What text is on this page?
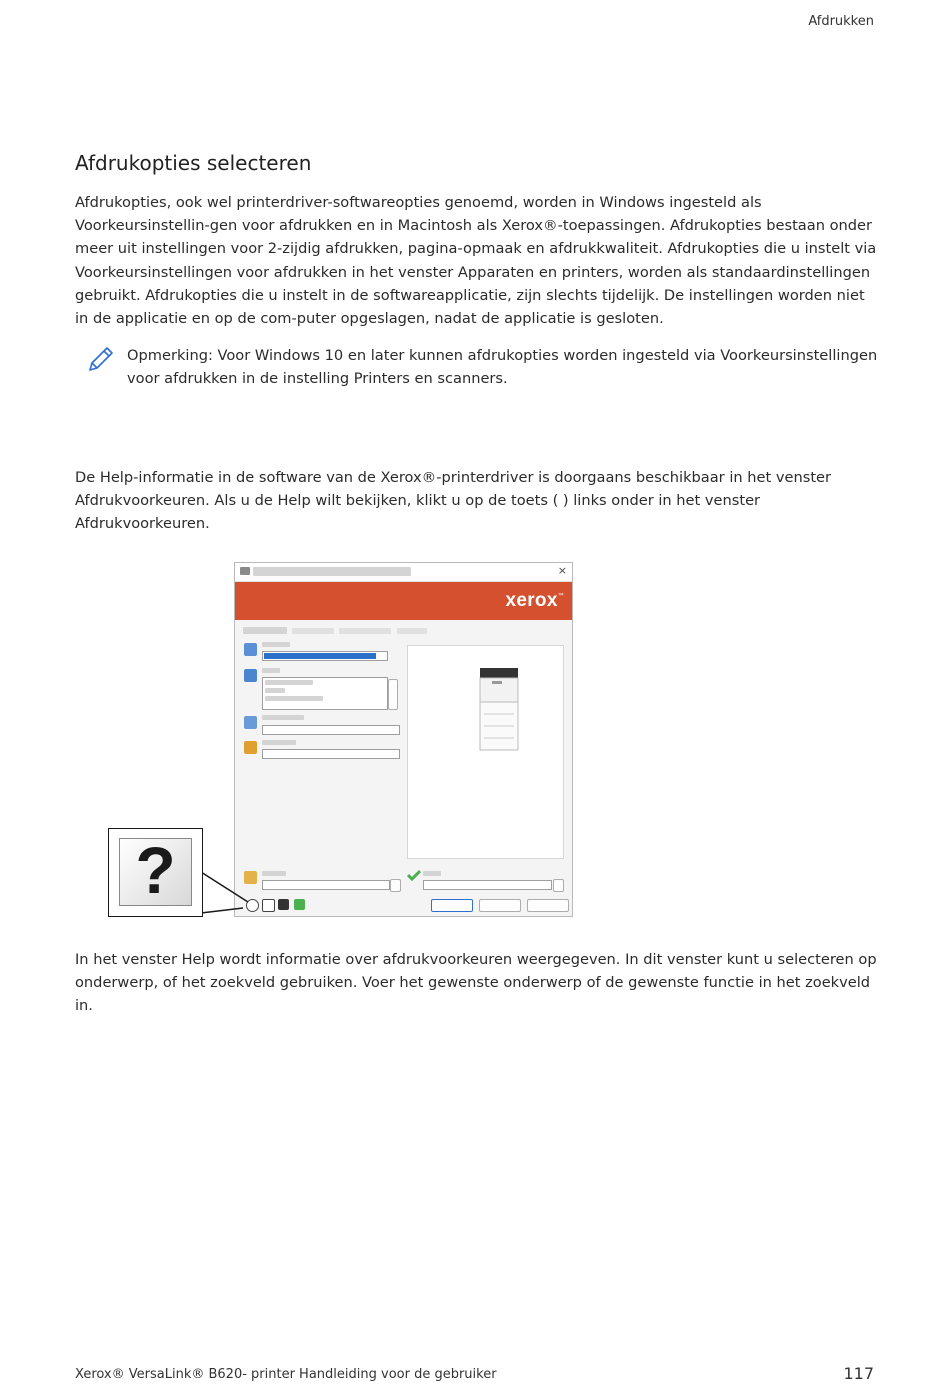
Afdrukken
Afdrukopties selecteren
Afdrukopties, ook wel printerdriver-softwareopties genoemd, worden in Windows ingesteld als Voorkeursinstellin-gen voor afdrukken en in Macintosh als Xerox®-toepassingen. Afdrukopties bestaan onder meer uit instellingen voor 2-zijdig afdrukken, pagina-opmaak en afdrukkwaliteit. Afdrukopties die u instelt via Voorkeursinstellingen voor afdrukken in het venster Apparaten en printers, worden als standaardinstellingen gebruikt. Afdrukopties die u instelt in de softwareapplicatie, zijn slechts tijdelijk. De instellingen worden niet in de applicatie en op de com-puter opgeslagen, nadat de applicatie is gesloten.
Opmerking: Voor Windows 10 en later kunnen afdrukopties worden ingesteld via Voorkeursinstellingen voor afdrukken in de instelling Printers en scanners.
De Help-informatie in de software van de Xerox®-printerdriver is doorgaans beschikbaar in het venster Afdrukvoorkeuren. Als u de Help wilt bekijken, klikt u op de toets ( ) links onder in het venster Afdrukvoorkeuren.
×
xerox™
?
In het venster Help wordt informatie over afdrukvoorkeuren weergegeven. In dit venster kunt u selecteren op onderwerp, of het zoekveld gebruiken. Voer het gewenste onderwerp of de gewenste functie in het zoekveld in.
Xerox® VersaLink® B620- printer Handleiding voor de gebruiker	117
